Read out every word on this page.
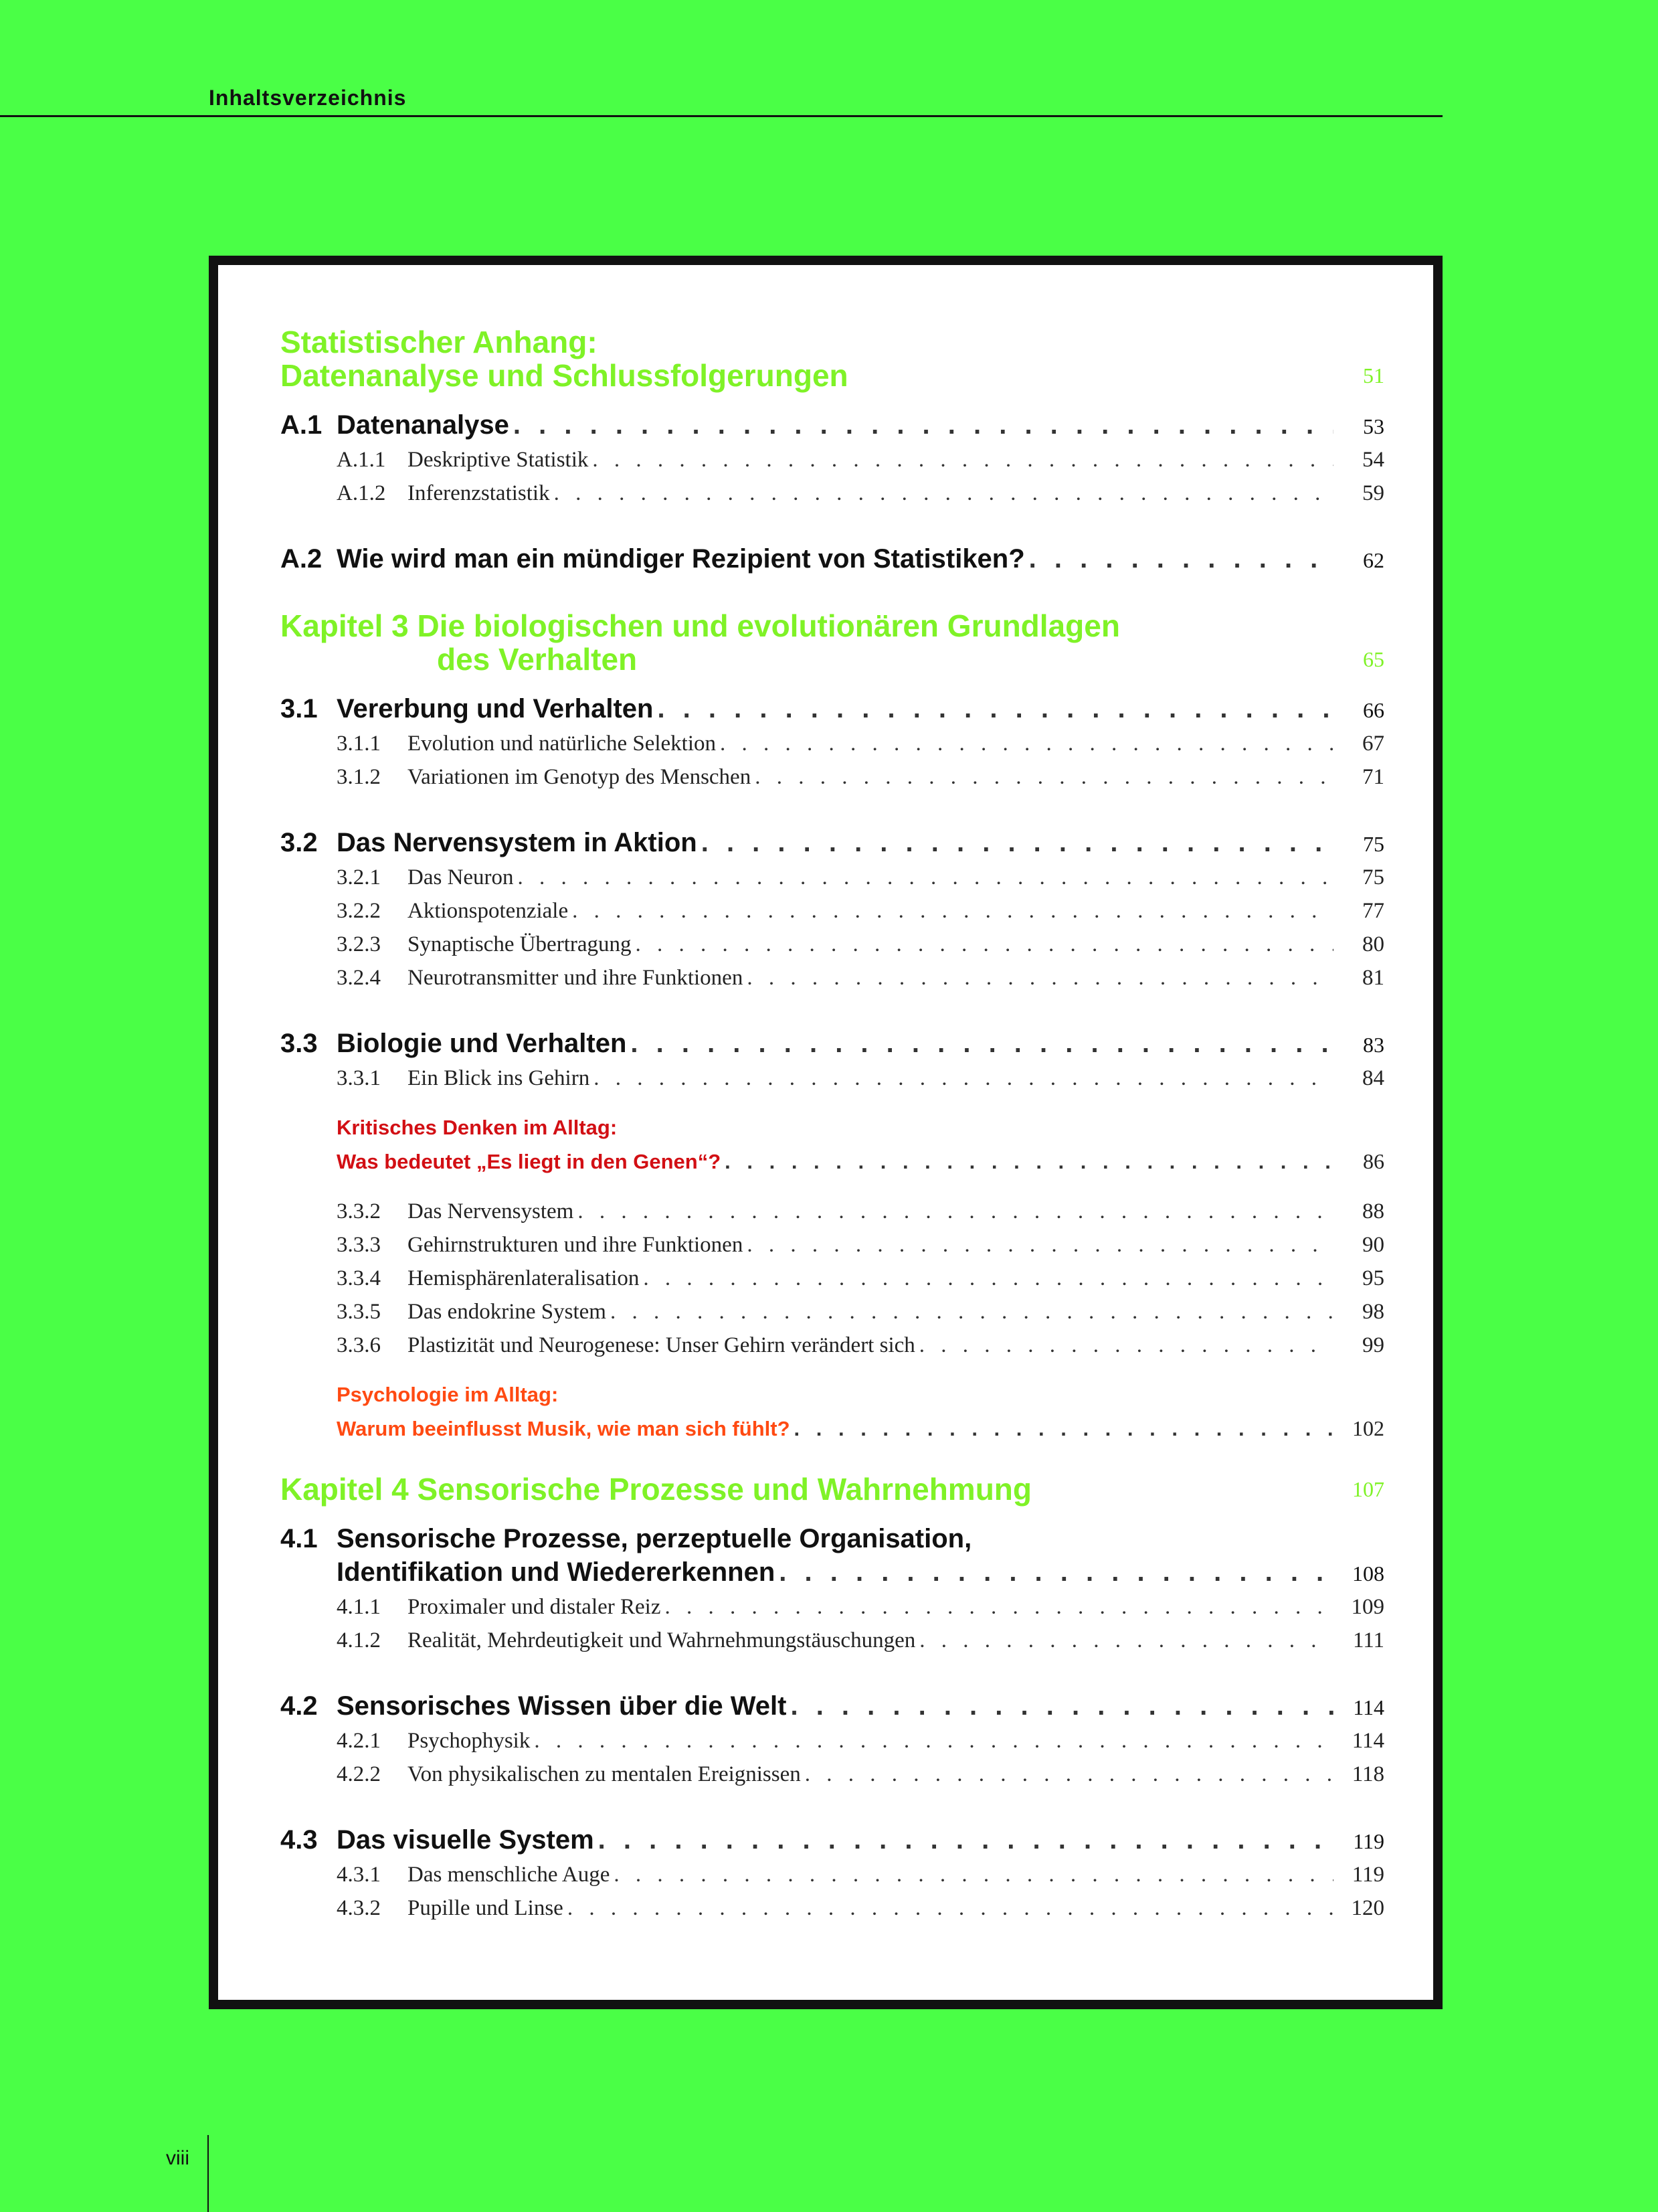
Inhaltsverzeichnis
Statistischer Anhang:
Datenanalyse und Schlussfolgerungen	51
A.1 Datenanalyse . . .	53
A.1.1 Deskriptive Statistik . . .	54
A.1.2 Inferenzstatistik . . .	59
A.2 Wie wird man ein mündiger Rezipient von Statistiken? . . .	62
Kapitel 3 Die biologischen und evolutionären Grundlagen
des Verhalten	65
3.1 Vererbung und Verhalten . . .	66
3.1.1 Evolution und natürliche Selektion . . .	67
3.1.2 Variationen im Genotyp des Menschen . . .	71
3.2 Das Nervensystem in Aktion . . .	75
3.2.1 Das Neuron . . .	75
3.2.2 Aktionspotenziale . . .	77
3.2.3 Synaptische Übertragung . . .	80
3.2.4 Neurotransmitter und ihre Funktionen . . .	81
3.3 Biologie und Verhalten . . .	83
3.3.1 Ein Blick ins Gehirn . . .	84
Kritisches Denken im Alltag:
Was bedeutet „Es liegt in den Genen“? . . .	86
3.3.2 Das Nervensystem . . .	88
3.3.3 Gehirnstrukturen und ihre Funktionen . . .	90
3.3.4 Hemisphärenlateralisation . . .	95
3.3.5 Das endokrine System . . .	98
3.3.6 Plastizität und Neurogenese: Unser Gehirn verändert sich . . .	99
Psychologie im Alltag:
Warum beeinflusst Musik, wie man sich fühlt? . . .	102
Kapitel 4 Sensorische Prozesse und Wahrnehmung	107
4.1 Sensorische Prozesse, perzeptuelle Organisation,
Identifikation und Wiedererkennen . . .	108
4.1.1 Proximaler und distaler Reiz . . .	109
4.1.2 Realität, Mehrdeutigkeit und Wahrnehmungstäuschungen . . .	111
4.2 Sensorisches Wissen über die Welt . . .	114
4.2.1 Psychophysik . . .	114
4.2.2 Von physikalischen zu mentalen Ereignissen . . .	118
4.3 Das visuelle System . . .	119
4.3.1 Das menschliche Auge . . .	119
4.3.2 Pupille und Linse . . .	120
viii
